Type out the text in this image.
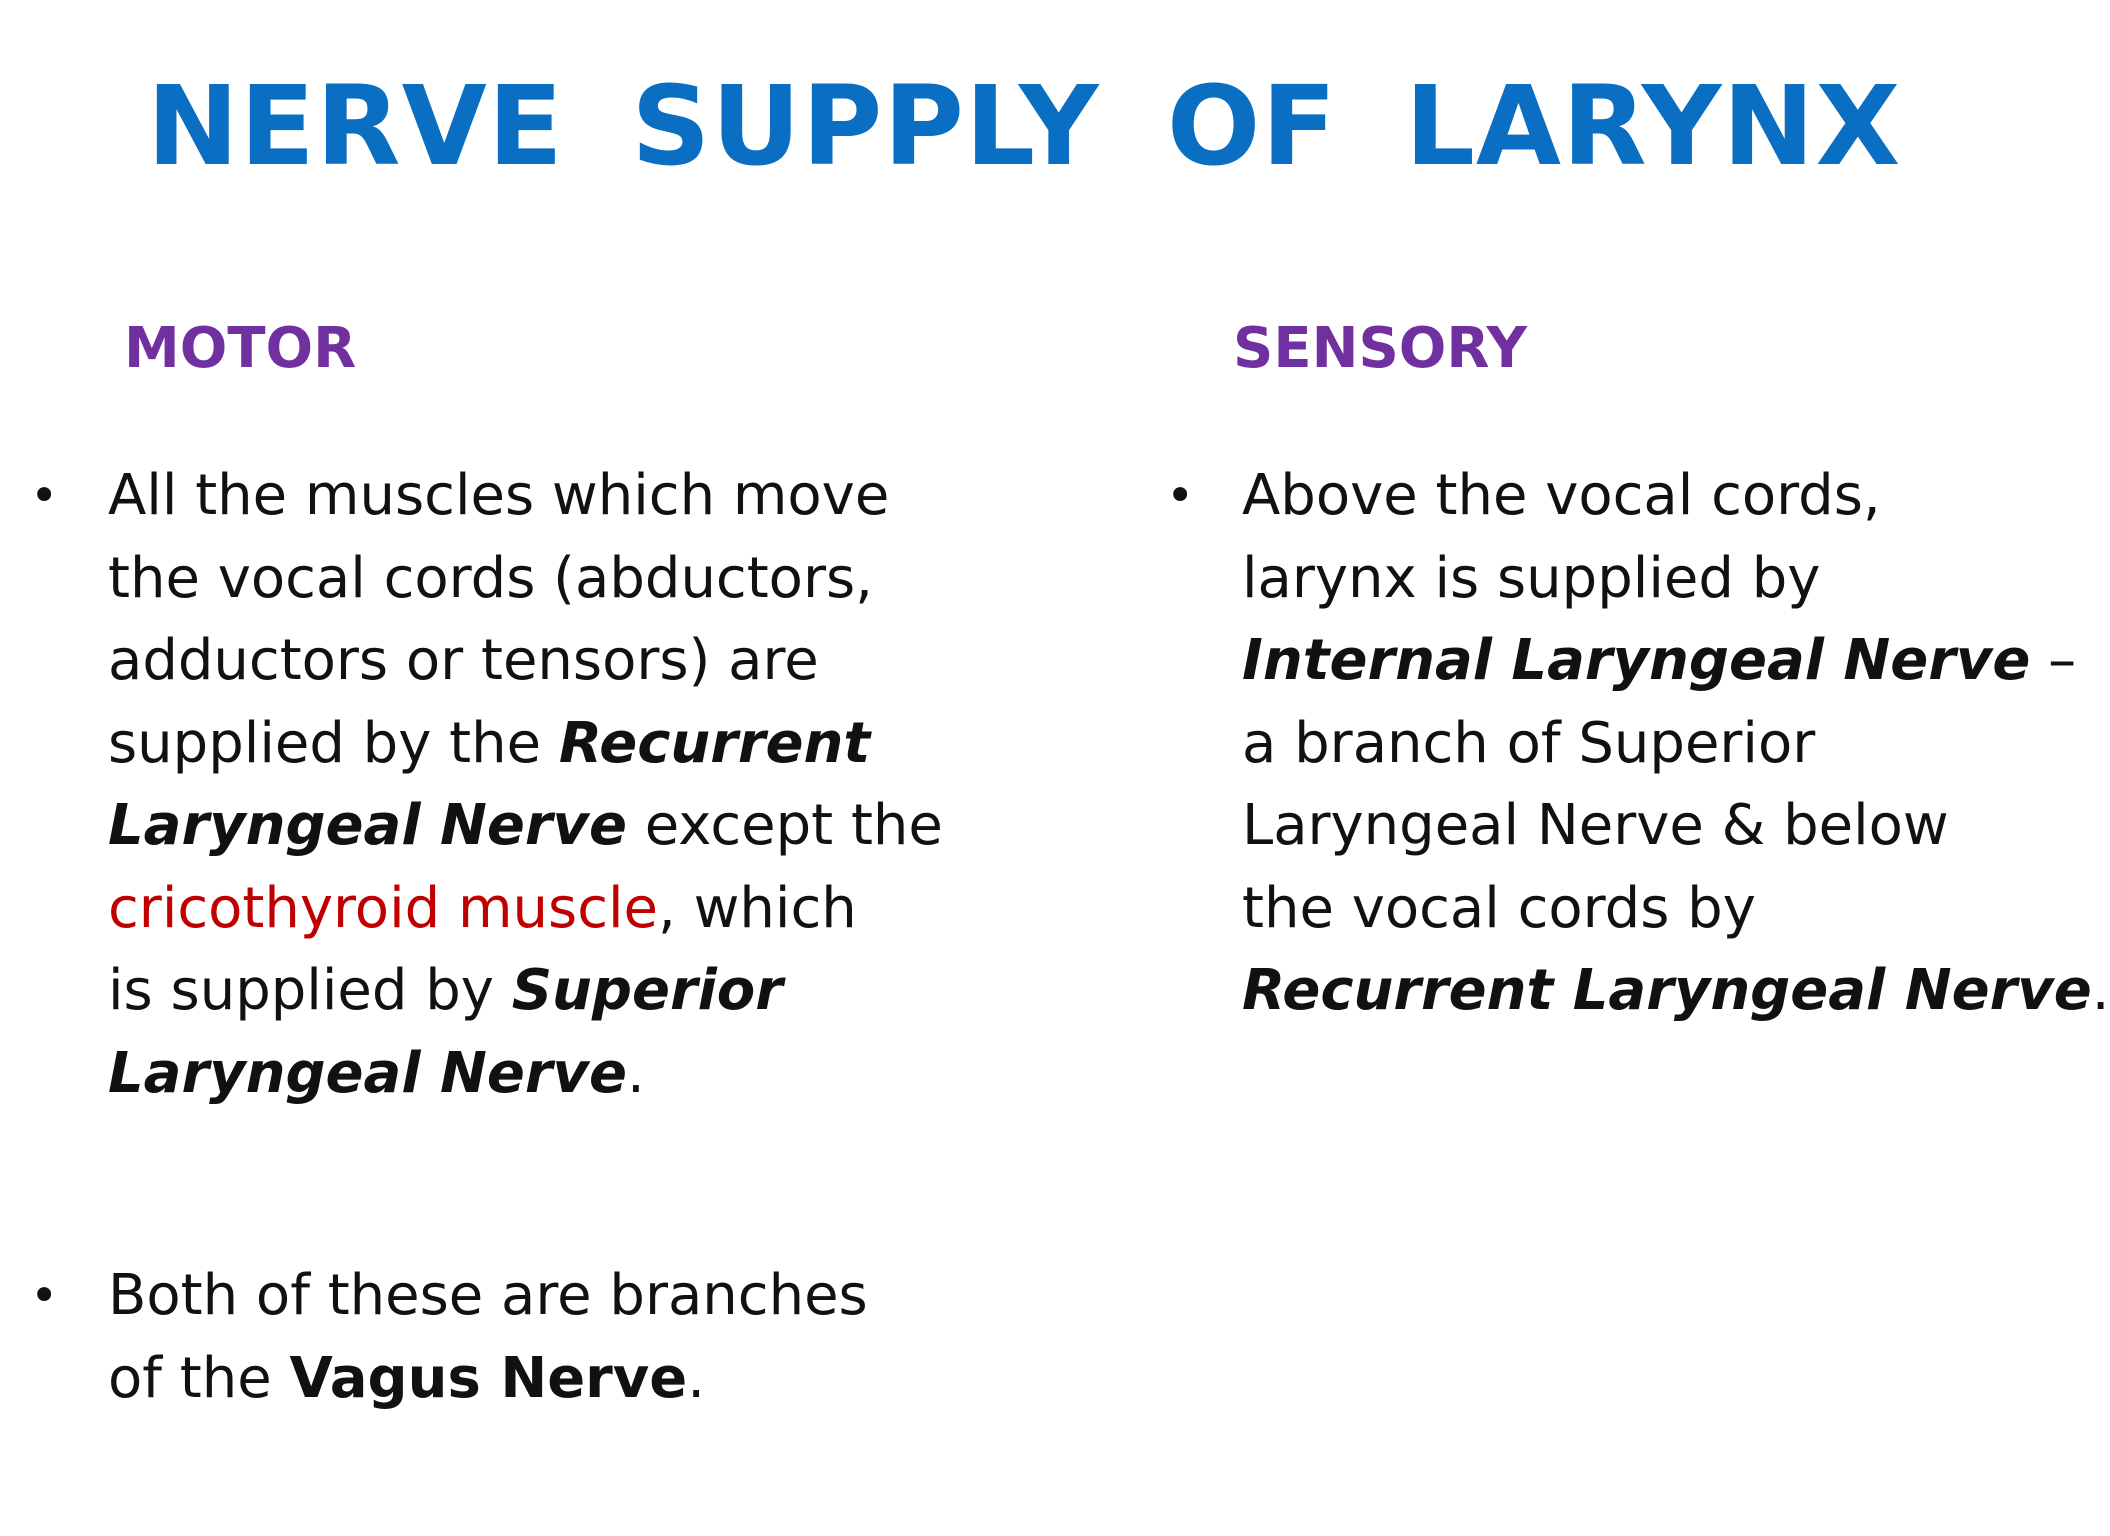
NERVE SUPPLY OF LARYNX
MOTOR	SENSORY
• All the muscles which move
the vocal cords (abductors,
adductors or tensors) are
supplied by the Recurrent
Laryngeal Nerve except the
cricothyroid muscle, which
is supplied by Superior
Laryngeal Nerve.
• Both of these are branches
of the Vagus Nerve.
• Above the vocal cords,
larynx is supplied by
Internal Laryngeal Nerve –
a branch of Superior
Laryngeal Nerve & below
the vocal cords by
Recurrent Laryngeal Nerve.
